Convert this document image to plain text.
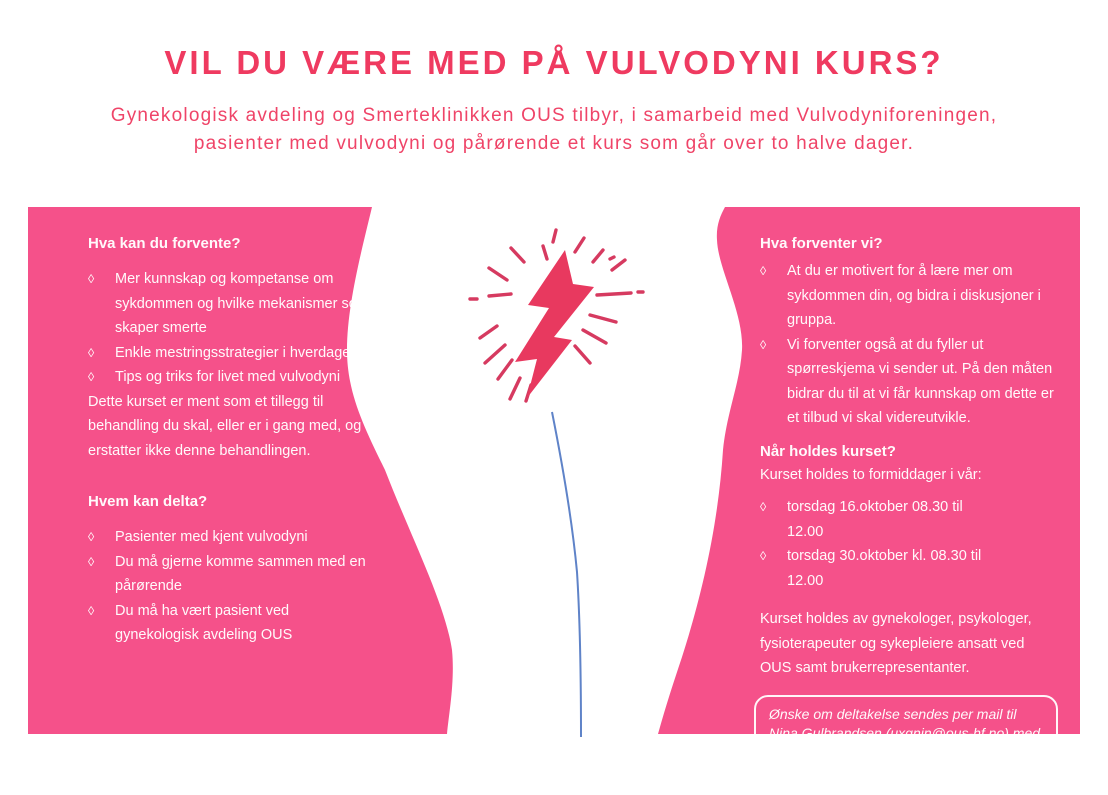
VIL DU VÆRE MED PÅ VULVODYNI KURS?
Gynekologisk avdeling og Smerteklinikken OUS tilbyr, i samarbeid med Vulvodyniforeningen, pasienter med vulvodyni og pårørende et kurs som går over to halve dager.
Hva kan du forvente?
◊	Mer kunnskap og kompetanse om sykdommen og hvilke mekanismer som skaper smerte
◊	Enkle mestringsstrategier i hverdagen
◊	Tips og triks for livet med vulvodyni

Dette kurset er ment som et tillegg til behandling du skal, eller er i gang med, og erstatter ikke denne behandlingen.

Hvem kan delta?
◊	Pasienter med kjent vulvodyni
◊	Du må gjerne komme sammen med en pårørende
◊	Du må ha vært pasient ved gynekologisk avdeling OUS
Hva forventer vi?
◊	At du er motivert for å lære mer om sykdommen din, og bidra i diskusjoner i gruppa.
◊	Vi forventer også at du fyller ut spørreskjema vi sender ut. På den måten bidrar du til at vi får kunnskap om dette er et tilbud vi skal videreutvikle.
Når holdes kurset?
Kurset holdes to formiddager i vår:
◊	torsdag 16.oktober 08.30 til
12.00
◊	torsdag 30.oktober kl. 08.30 til
12.00

Kurset holdes av gynekologer, psykologer, fysioterapeuter og sykepleiere ansatt ved OUS samt brukerrepresentanter.

Ønske om deltakelse sendes per mail til Nina Gulbrandsen (uxgnin@ous-hf.no) med navnet ditt og den pårørende du eventuelt vil ha med.
